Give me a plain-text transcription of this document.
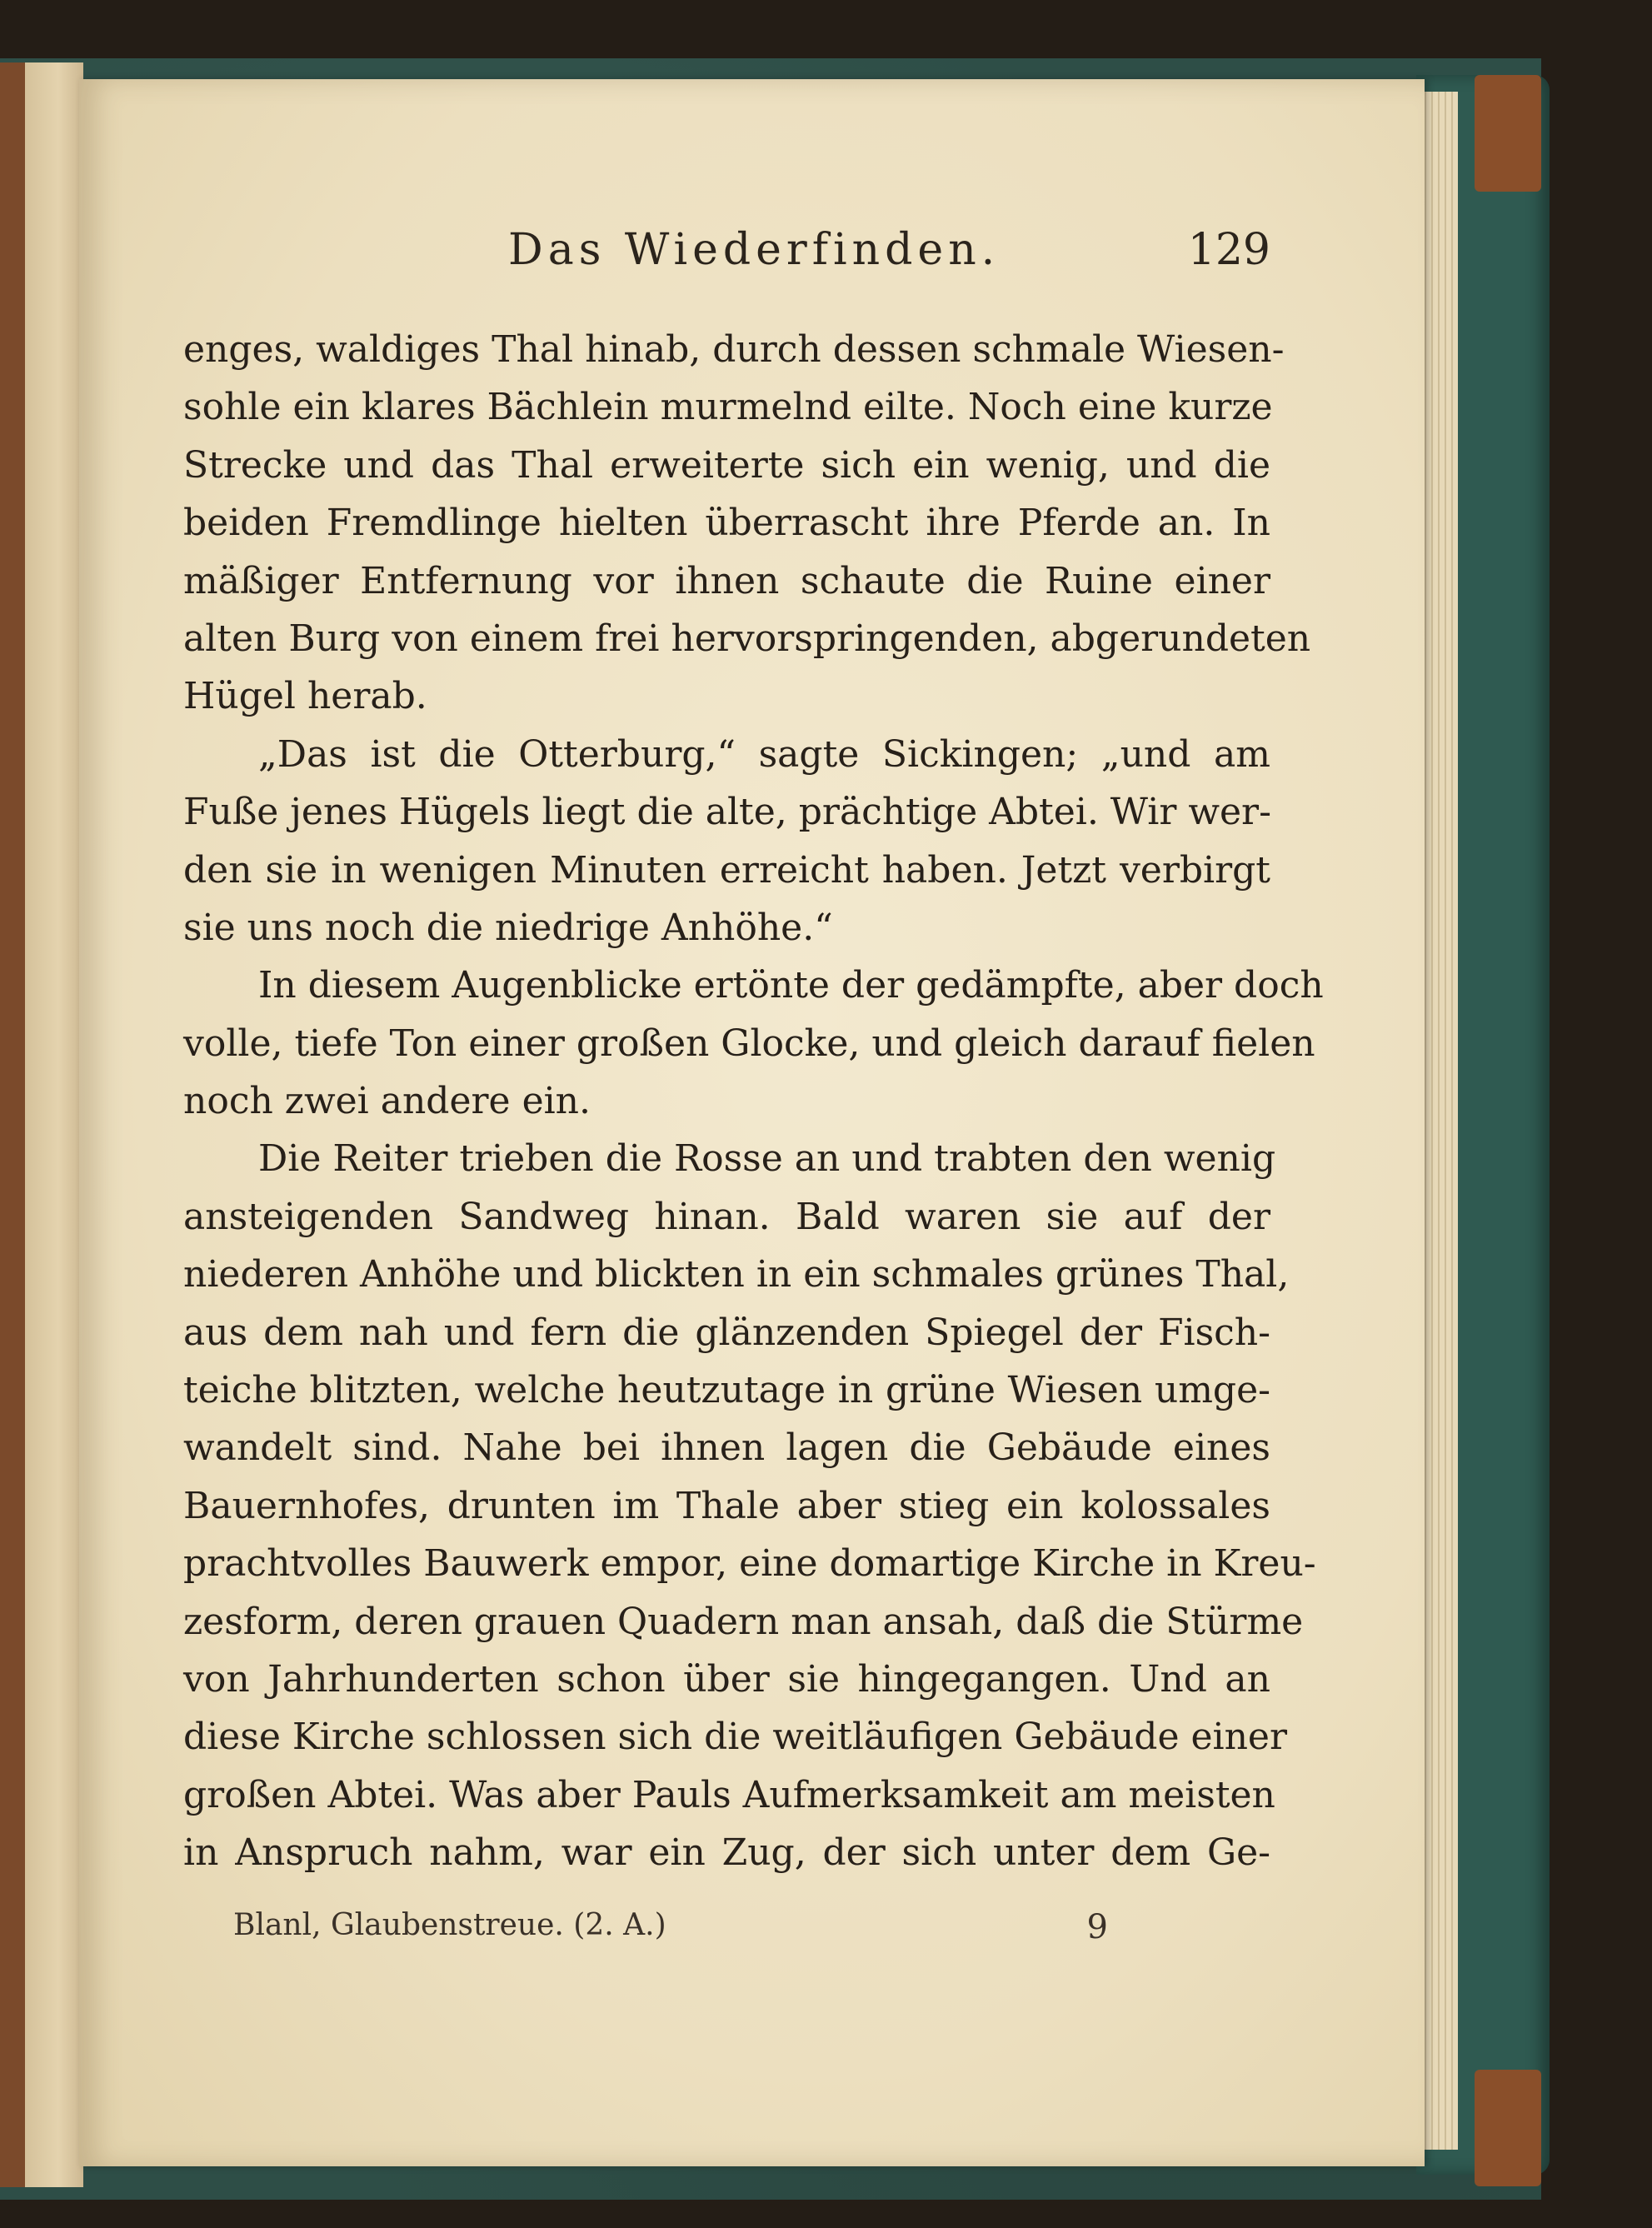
Das Wiederfinden.	129
enges, waldiges Thal hinab, durch dessen schmale Wiesen-
sohle ein klares Bächlein murmelnd eilte. Noch eine kurze
Strecke und das Thal erweiterte sich ein wenig, und die
beiden Fremdlinge hielten überrascht ihre Pferde an. In
mäßiger Entfernung vor ihnen schaute die Ruine einer
alten Burg von einem frei hervorspringenden, abgerundeten
Hügel herab.
„Das ist die Otterburg,“ sagte Sickingen; „und am
Fuße jenes Hügels liegt die alte, prächtige Abtei. Wir wer-
den sie in wenigen Minuten erreicht haben. Jetzt verbirgt
sie uns noch die niedrige Anhöhe.“
In diesem Augenblicke ertönte der gedämpfte, aber doch
volle, tiefe Ton einer großen Glocke, und gleich darauf fielen
noch zwei andere ein.
Die Reiter trieben die Rosse an und trabten den wenig
ansteigenden Sandweg hinan. Bald waren sie auf der
niederen Anhöhe und blickten in ein schmales grünes Thal,
aus dem nah und fern die glänzenden Spiegel der Fisch-
teiche blitzten, welche heutzutage in grüne Wiesen umge-
wandelt sind. Nahe bei ihnen lagen die Gebäude eines
Bauernhofes, drunten im Thale aber stieg ein kolossales
prachtvolles Bauwerk empor, eine domartige Kirche in Kreu-
zesform, deren grauen Quadern man ansah, daß die Stürme
von Jahrhunderten schon über sie hingegangen. Und an
diese Kirche schlossen sich die weitläufigen Gebäude einer
großen Abtei. Was aber Pauls Aufmerksamkeit am meisten
in Anspruch nahm, war ein Zug, der sich unter dem Ge-
Blanl, Glaubenstreue. (2. A.)	9
